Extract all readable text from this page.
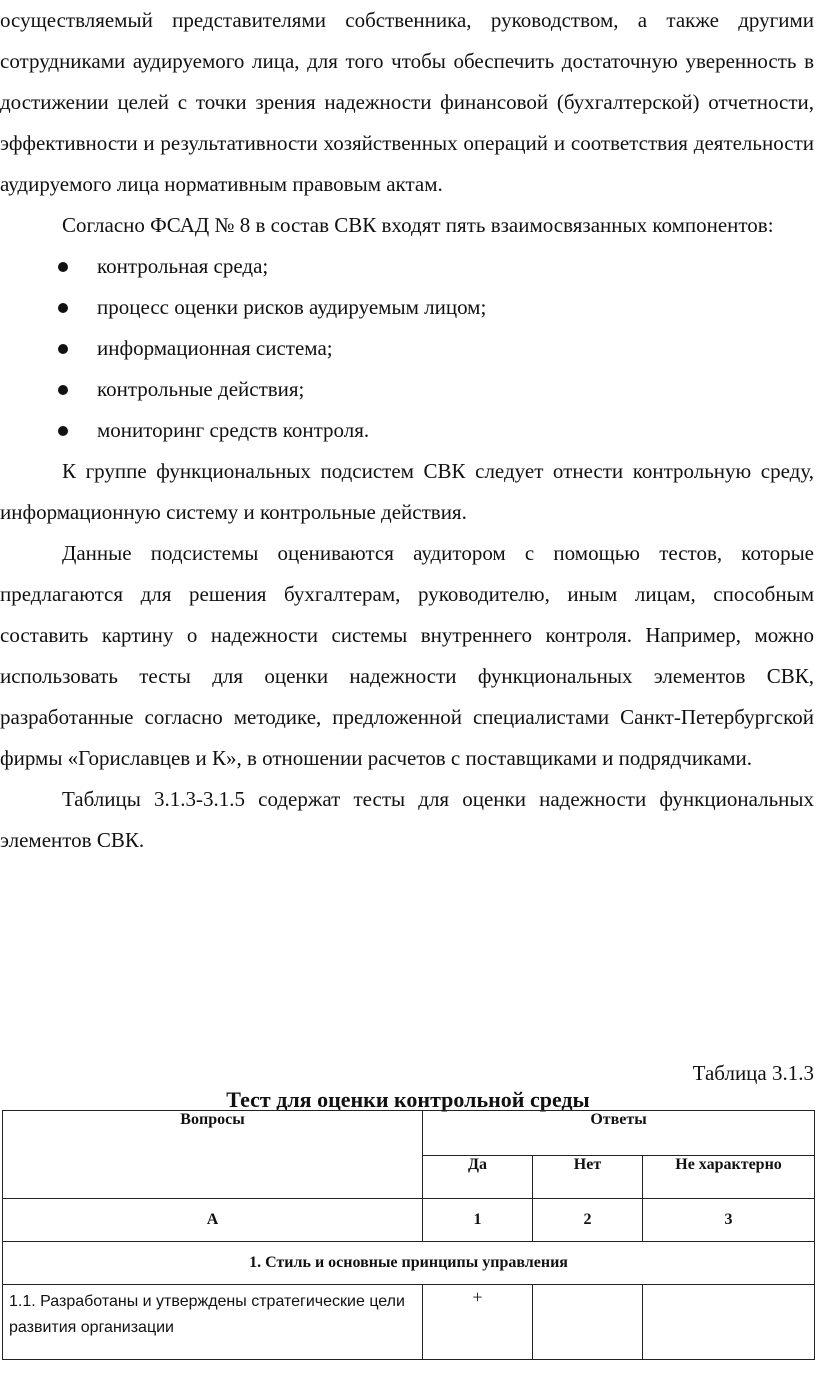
осуществляемый представителями собственника, руководством, а также другими сотрудниками аудируемого лица, для того чтобы обеспечить достаточную уверенность в достижении целей с точки зрения надежности финансовой (бухгалтерской) отчетности, эффективности и результативности хозяйственных операций и соответствия деятельности аудируемого лица нормативным правовым актам.

Согласно ФСАД № 8 в состав СВК входят пять взаимосвязанных компонентов:

контрольная среда;
процесс оценки рисков аудируемым лицом;
информационная система;
контрольные действия;
мониторинг средств контроля.

К группе функциональных подсистем СВК следует отнести контрольную среду, информационную систему и контрольные действия.

Данные подсистемы оцениваются аудитором с помощью тестов, которые предлагаются для решения бухгалтерам, руководителю, иным лицам, способным составить картину о надежности системы внутреннего контроля. Например, можно использовать тесты для оценки надежности функциональных элементов СВК, разработанные согласно методике, предложенной специалистами Санкт-Петербургской фирмы «Гориславцев и К», в отношении расчетов с поставщиками и подрядчиками.

Таблицы 3.1.3-3.1.5 содержат тесты для оценки надежности функциональных элементов СВК.

Таблица 3.1.3
Тест для оценки контрольной среды
Вопросы	Ответы		
	Да	Нет	Не характерно
А	1	2	3
1. Стиль и основные принципы управления			
1.1. Разработаны и утверждены стратегические цели развития организации	+		
